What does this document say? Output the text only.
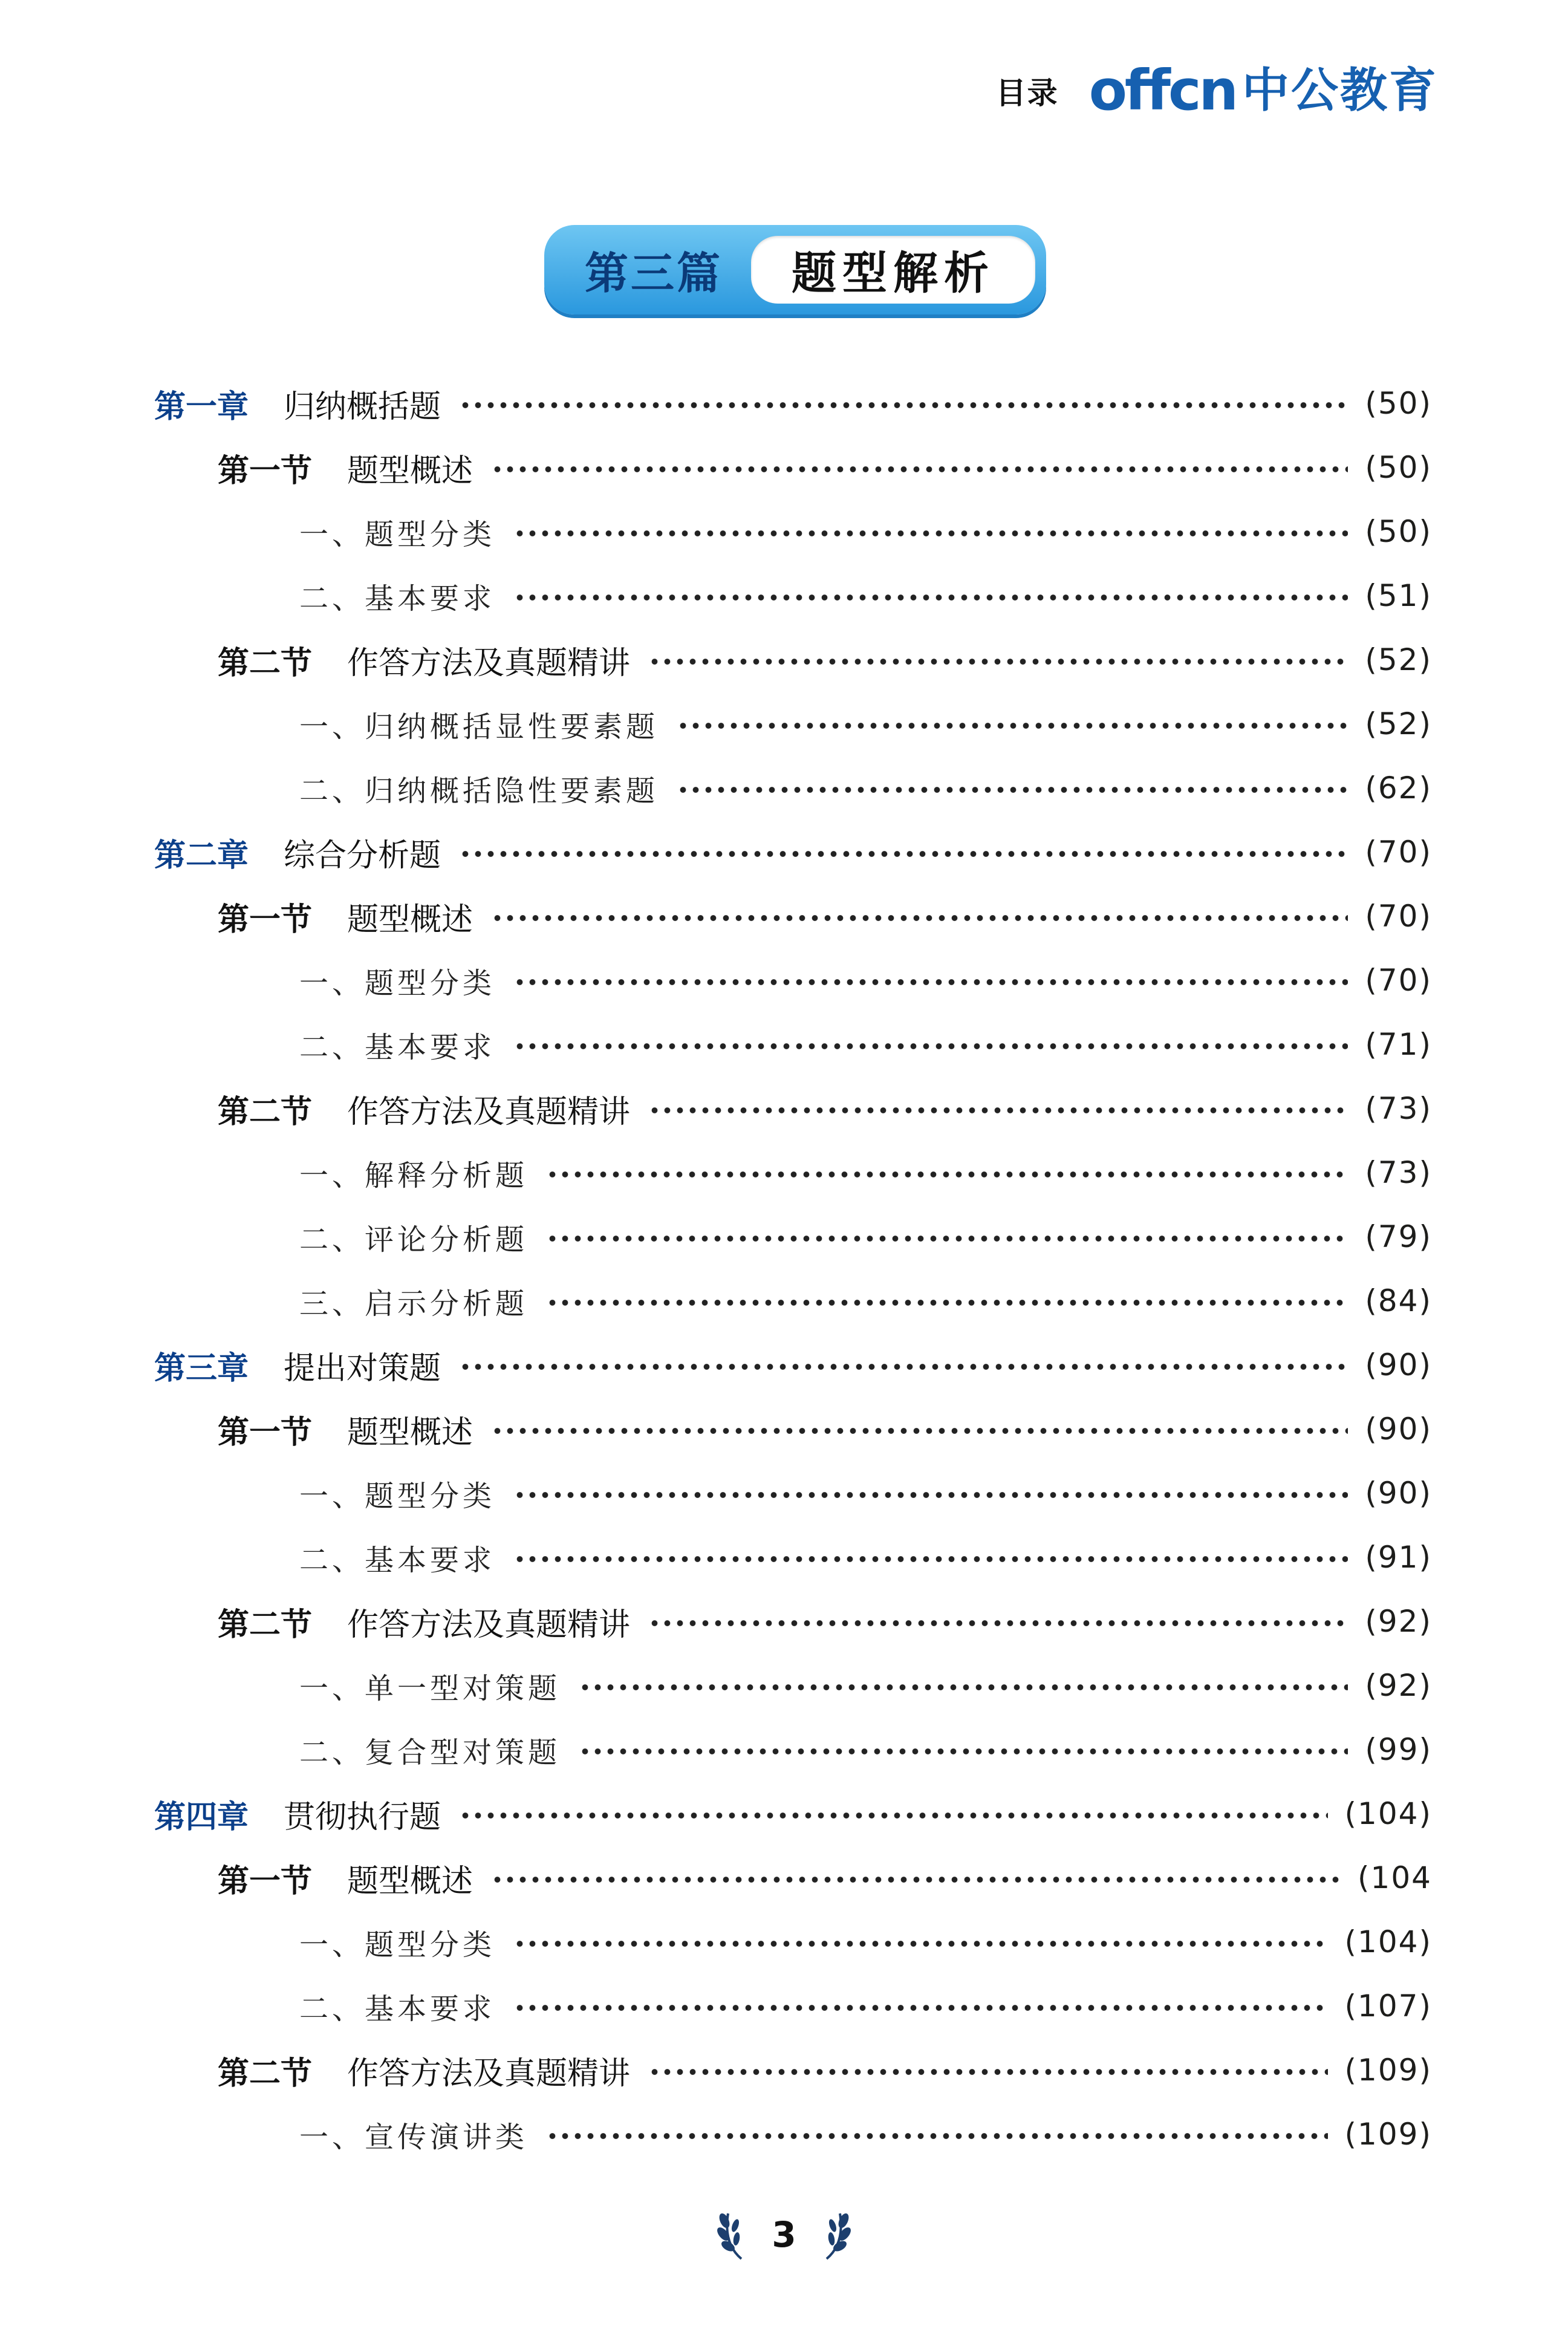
目录 offcn 中公教育
第三篇	题型解析
第一章 归纳概括题	(50)
第一节 题型概述	(50)
一、题型分类	(50)
二、基本要求	(51)
第二节 作答方法及真题精讲	(52)
一、归纳概括显性要素题	(52)
二、归纳概括隐性要素题	(62)
第二章 综合分析题	(70)
第一节 题型概述	(70)
一、题型分类	(70)
二、基本要求	(71)
第二节 作答方法及真题精讲	(73)
一、解释分析题	(73)
二、评论分析题	(79)
三、启示分析题	(84)
第三章 提出对策题	(90)
第一节 题型概述	(90)
一、题型分类	(90)
二、基本要求	(91)
第二节 作答方法及真题精讲	(92)
一、单一型对策题	(92)
二、复合型对策题	(99)
第四章 贯彻执行题	(104)
第一节 题型概述	(104
一、题型分类	(104)
二、基本要求	(107)
第二节 作答方法及真题精讲	(109)
一、宣传演讲类	(109)
3
